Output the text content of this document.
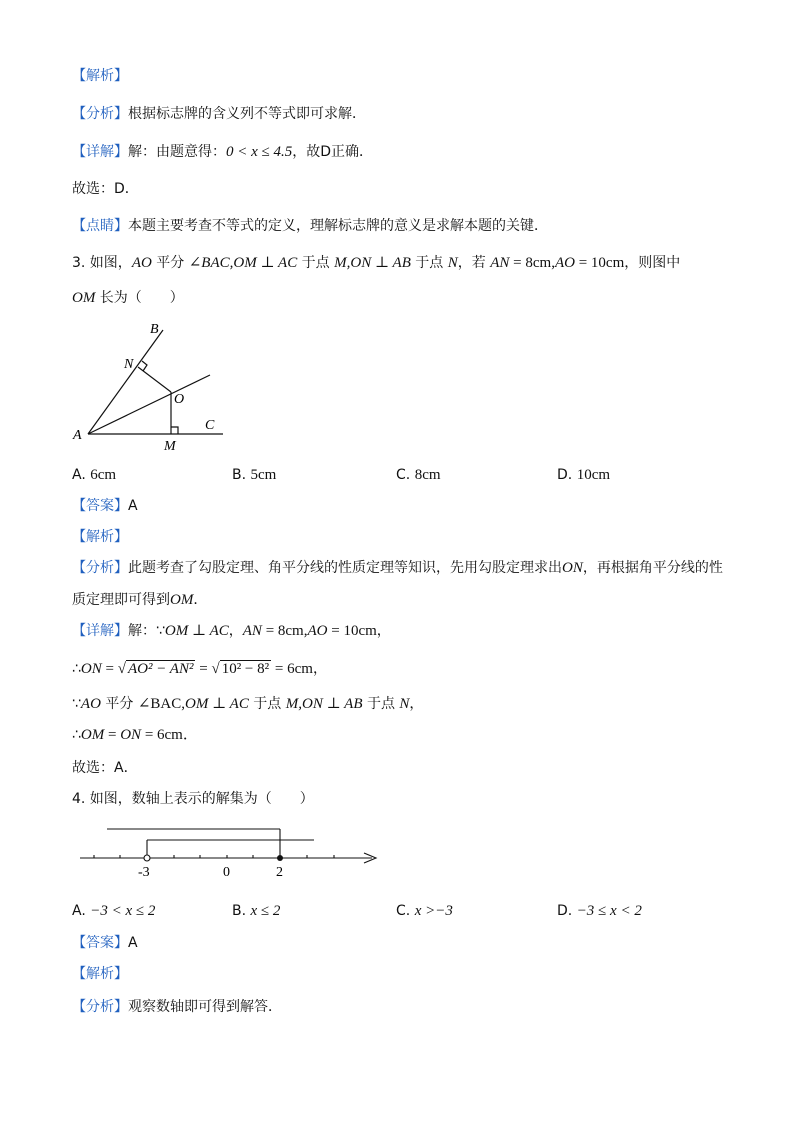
【解析】
【分析】根据标志牌的含义列不等式即可求解．
【详解】解：由题意得：0 < x ≤ 4.5，故D正确．
故选：D．
【点睛】本题主要考查不等式的定义，理解标志牌的意义是求解本题的关键．
3. 如图，AO 平分 ∠BAC,OM ⊥ AC 于点 M,ON ⊥ AB 于点 N，若 AN = 8cm,AO = 10cm，则图中
OM 长为（　　）
B
N
O
C
A
M
A. 6cm	B. 5cm	C. 8cm	D. 10cm
【答案】A
【解析】
【分析】此题考查了勾股定理、角平分线的性质定理等知识，先用勾股定理求出ON，再根据角平分线的性
质定理即可得到OM．
【详解】解：∵OM ⊥ AC，AN = 8cm,AO = 10cm，
∴ON = √ AO² − AN² = √ 10² − 8² = 6cm，
∵AO 平分 ∠BAC,OM ⊥ AC 于点 M,ON ⊥ AB 于点 N，
∴OM = ON = 6cm．
故选：A．
4. 如图，数轴上表示的解集为（　　）
-3	0	2
A. −3 < x ≤ 2	B. x ≤ 2	C. x >−3	D. −3 ≤ x < 2
【答案】A
【解析】
【分析】观察数轴即可得到解答．
